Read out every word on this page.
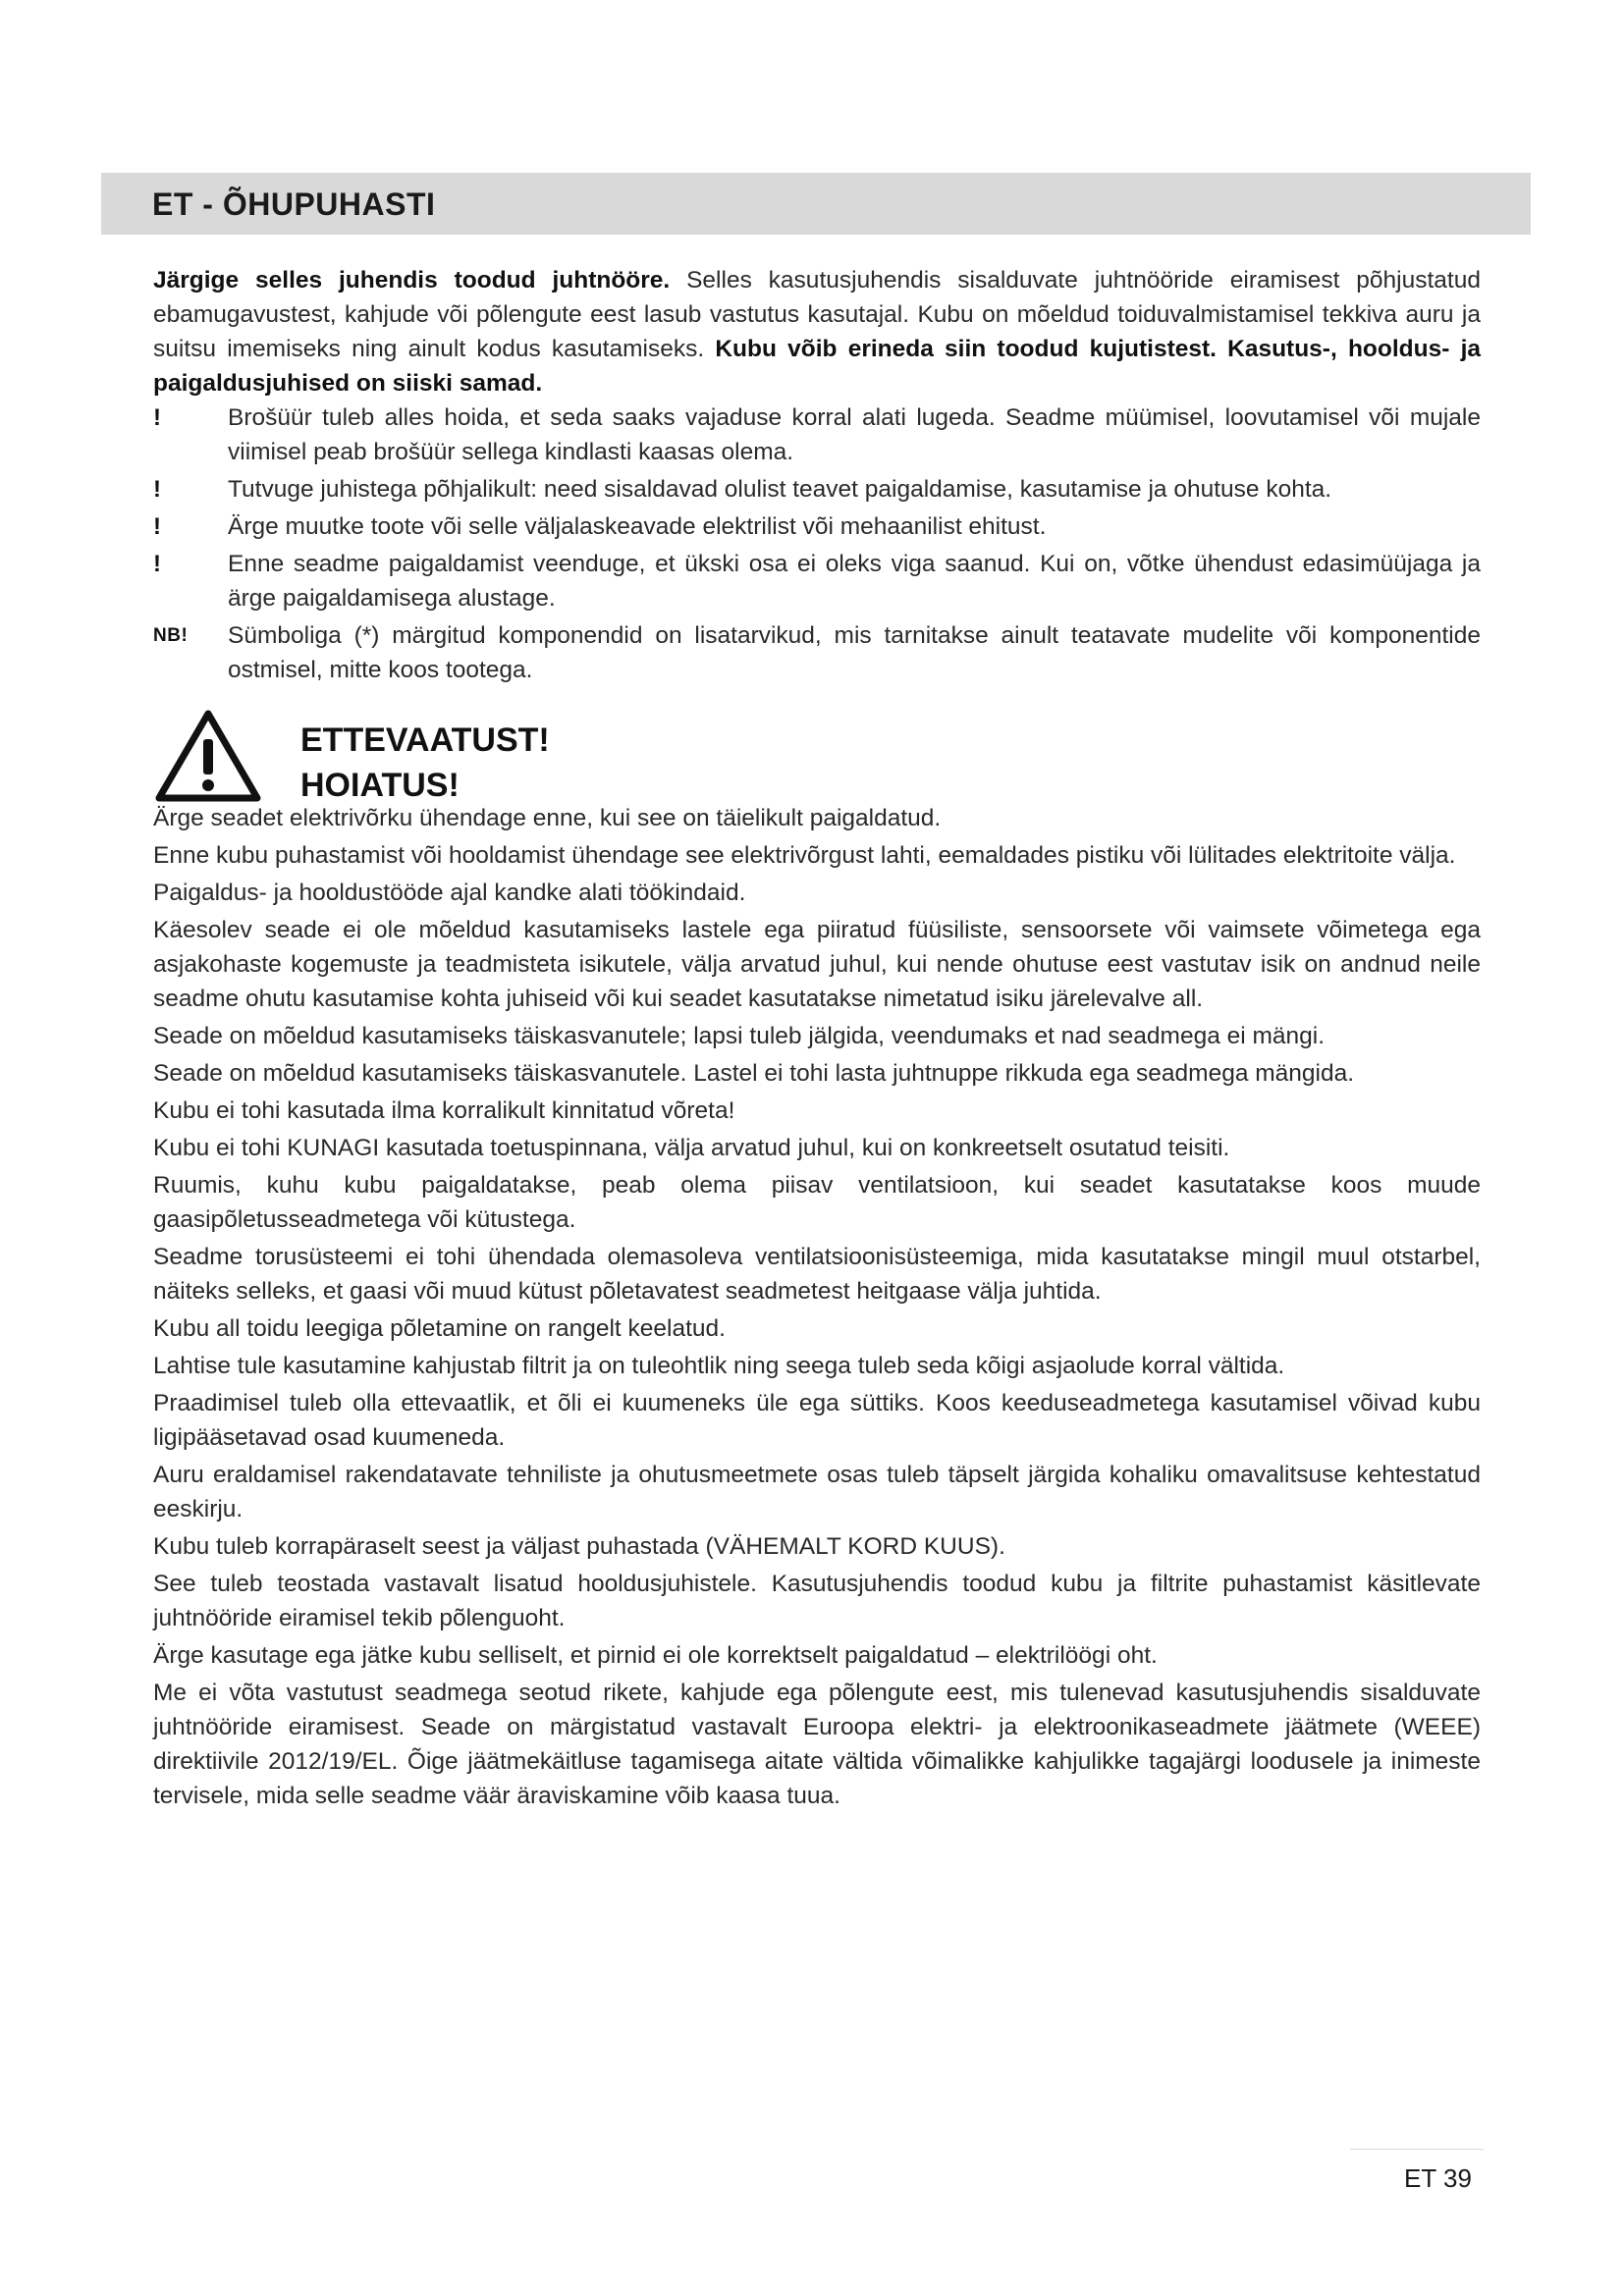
ET - ÕHUPUHASTI

Järgige selles juhendis toodud juhtnööre. Selles kasutusjuhendis sisalduvate juhtnööride eiramisest põhjustatud ebamugavustest, kahjude või põlengute eest lasub vastutus kasutajal. Kubu on mõeldud toiduvalmistamisel tekkiva auru ja suitsu imemiseks ning ainult kodus kasutamiseks. Kubu võib erineda siin toodud kujutistest. Kasutus-, hooldus- ja paigaldusjuhised on siiski samad.

!	Brošüür tuleb alles hoida, et seda saaks vajaduse korral alati lugeda. Seadme müümisel, loovutamisel või mujale viimisel peab brošüür sellega kindlasti kaasas olema.
!	Tutvuge juhistega põhjalikult: need sisaldavad olulist teavet paigaldamise, kasutamise ja ohutuse kohta.
!	Ärge muutke toote või selle väljalaskeavade elektrilist või mehaanilist ehitust.
!	Enne seadme paigaldamist veenduge, et ükski osa ei oleks viga saanud. Kui on, võtke ühendust edasimüüjaga ja ärge paigaldamisega alustage.
NB! Sümboliga (*) märgitud komponendid on lisatarvikud, mis tarnitakse ainult teatavate mudelite või komponentide ostmisel, mitte koos tootega.
ETTEVAATUST!
HOIATUS!

Ärge seadet elektrivõrku ühendage enne, kui see on täielikult paigaldatud.

Enne kubu puhastamist või hooldamist ühendage see elektrivõrgust lahti, eemaldades pistiku või lülitades elektritoite välja.

Paigaldus- ja hooldustööde ajal kandke alati töökindaid.

Käesolev seade ei ole mõeldud kasutamiseks lastele ega piiratud füüsiliste, sensoorsete või vaimsete võimetega ega asjakohaste kogemuste ja teadmisteta isikutele, välja arvatud juhul, kui nende ohutuse eest vastutav isik on andnud neile seadme ohutu kasutamise kohta juhiseid või kui seadet kasutatakse nimetatud isiku järelevalve all.

Seade on mõeldud kasutamiseks täiskasvanutele; lapsi tuleb jälgida, veendumaks et nad seadmega ei mängi.

Seade on mõeldud kasutamiseks täiskasvanutele. Lastel ei tohi lasta juhtnuppe rikkuda ega seadmega mängida.

Kubu ei tohi kasutada ilma korralikult kinnitatud võreta!

Kubu ei tohi KUNAGI kasutada toetuspinnana, välja arvatud juhul, kui on konkreetselt osutatud teisiti.

Ruumis, kuhu kubu paigaldatakse, peab olema piisav ventilatsioon, kui seadet kasutatakse koos muude gaasipõletusseadmetega või kütustega.

Seadme torusüsteemi ei tohi ühendada olemasoleva ventilatsioonisüsteemiga, mida kasutatakse mingil muul otstarbel, näiteks selleks, et gaasi või muud kütust põletavatest seadmetest heitgaase välja juhtida.

Kubu all toidu leegiga põletamine on rangelt keelatud.

Lahtise tule kasutamine kahjustab filtrit ja on tuleohtlik ning seega tuleb seda kõigi asjaolude korral vältida.

Praadimisel tuleb olla ettevaatlik, et õli ei kuumeneks üle ega süttiks. Koos keeduseadmetega kasutamisel võivad kubu ligipääsetavad osad kuumeneda.

Auru eraldamisel rakendatavate tehniliste ja ohutusmeetmete osas tuleb täpselt järgida kohaliku omavalitsuse kehtestatud eeskirju.

Kubu tuleb korrapäraselt seest ja väljast puhastada (VÄHEMALT KORD KUUS).

See tuleb teostada vastavalt lisatud hooldusjuhistele. Kasutusjuhendis toodud kubu ja filtrite puhastamist käsitlevate juhtnööride eiramisel tekib põlenguoht.

Ärge kasutage ega jätke kubu selliselt, et pirnid ei ole korrektselt paigaldatud – elektrilöögi oht.

Me ei võta vastutust seadmega seotud rikete, kahjude ega põlengute eest, mis tulenevad kasutusjuhendis sisalduvate juhtnööride eiramisest. Seade on märgistatud vastavalt Euroopa elektri- ja elektroonikaseadmete jäätmete (WEEE) direktiivile 2012/19/EL. Õige jäätmekäitluse tagamisega aitate vältida võimalikke kahjulikke tagajärgi loodusele ja inimeste tervisele, mida selle seadme vää​r äraviskamine võib kaasa tuua.

ET 39
